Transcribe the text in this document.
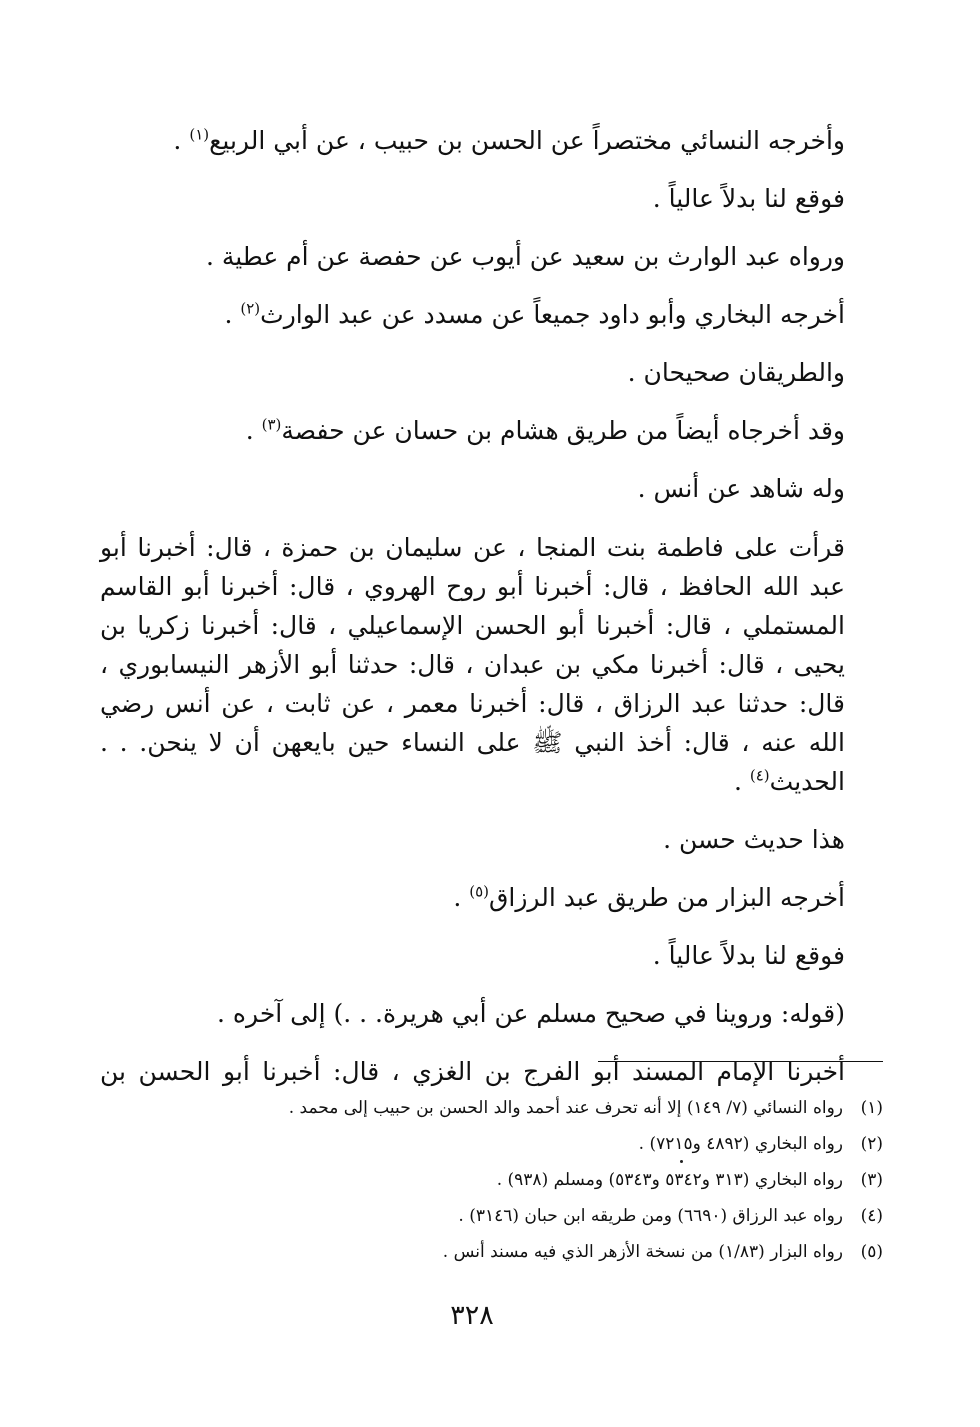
وأخرجه النسائي مختصراً عن الحسن بن حبيب ، عن أبي الربيع$^{(١)}$ .
فوقع لنا بدلاً عالياً .
ورواه عبد الوارث بن سعيد عن أيوب عن حفصة عن أم عطية .
أخرجه البخاري وأبو داود جميعاً عن مسدد عن عبد الوارث$^{(٢)}$ .
والطريقان صحيحان .
وقد أخرجاه أيضاً من طريق هشام بن حسان عن حفصة$^{(٣)}$ .
وله شاهد عن أنس .
قرأت على فاطمة بنت المنجا ، عن سليمان بن حمزة ، قال: أخبرنا أبو عبد الله الحافظ ، قال: أخبرنا أبو روح الهروي ، قال: أخبرنا أبو القاسم المستملي ، قال: أخبرنا أبو الحسن الإسماعيلي ، قال: أخبرنا زكريا بن يحيى ، قال: أخبرنا مكي بن عبدان ، قال: حدثنا أبو الأزهر النيسابوري ، قال: حدثنا عبد الرزاق ، قال: أخبرنا معمر ، عن ثابت ، عن أنس رضي الله عنه ، قال: أخذ النبي ﷺ على النساء حين بايعهن أن لا ينحن. . . الحديث$^{(٤)}$ .
هذا حديث حسن .
أخرجه البزار من طريق عبد الرزاق$^{(٥)}$ .
فوقع لنا بدلاً عالياً .
(قوله: وروينا في صحيح مسلم عن أبي هريرة. . .) إلى آخره .
أخبرنا الإمام المسند أبو الفرج بن الغزي ، قال: أخبرنا أبو الحسن بن
(١)رواه النسائي (٧/ ١٤٩) إلا أنه تحرف عند أحمد والد الحسن بن حبيب إلى محمد .
(٢)رواه البخاري (٤٨٩٢ و٧٢١٥) .
(٣)رواه البخاري (٣١٣ و٥٣٤٢ و٥٣٤٣) ومسلم (٩٣٨) .
(٤)رواه عبد الرزاق (٦٦٩٠) ومن طريقه ابن حبان (٣١٤٦) .
(٥)رواه البزار (١/٨٣) من نسخة الأزهر الذي فيه مسند أنس .
٣٢٨
